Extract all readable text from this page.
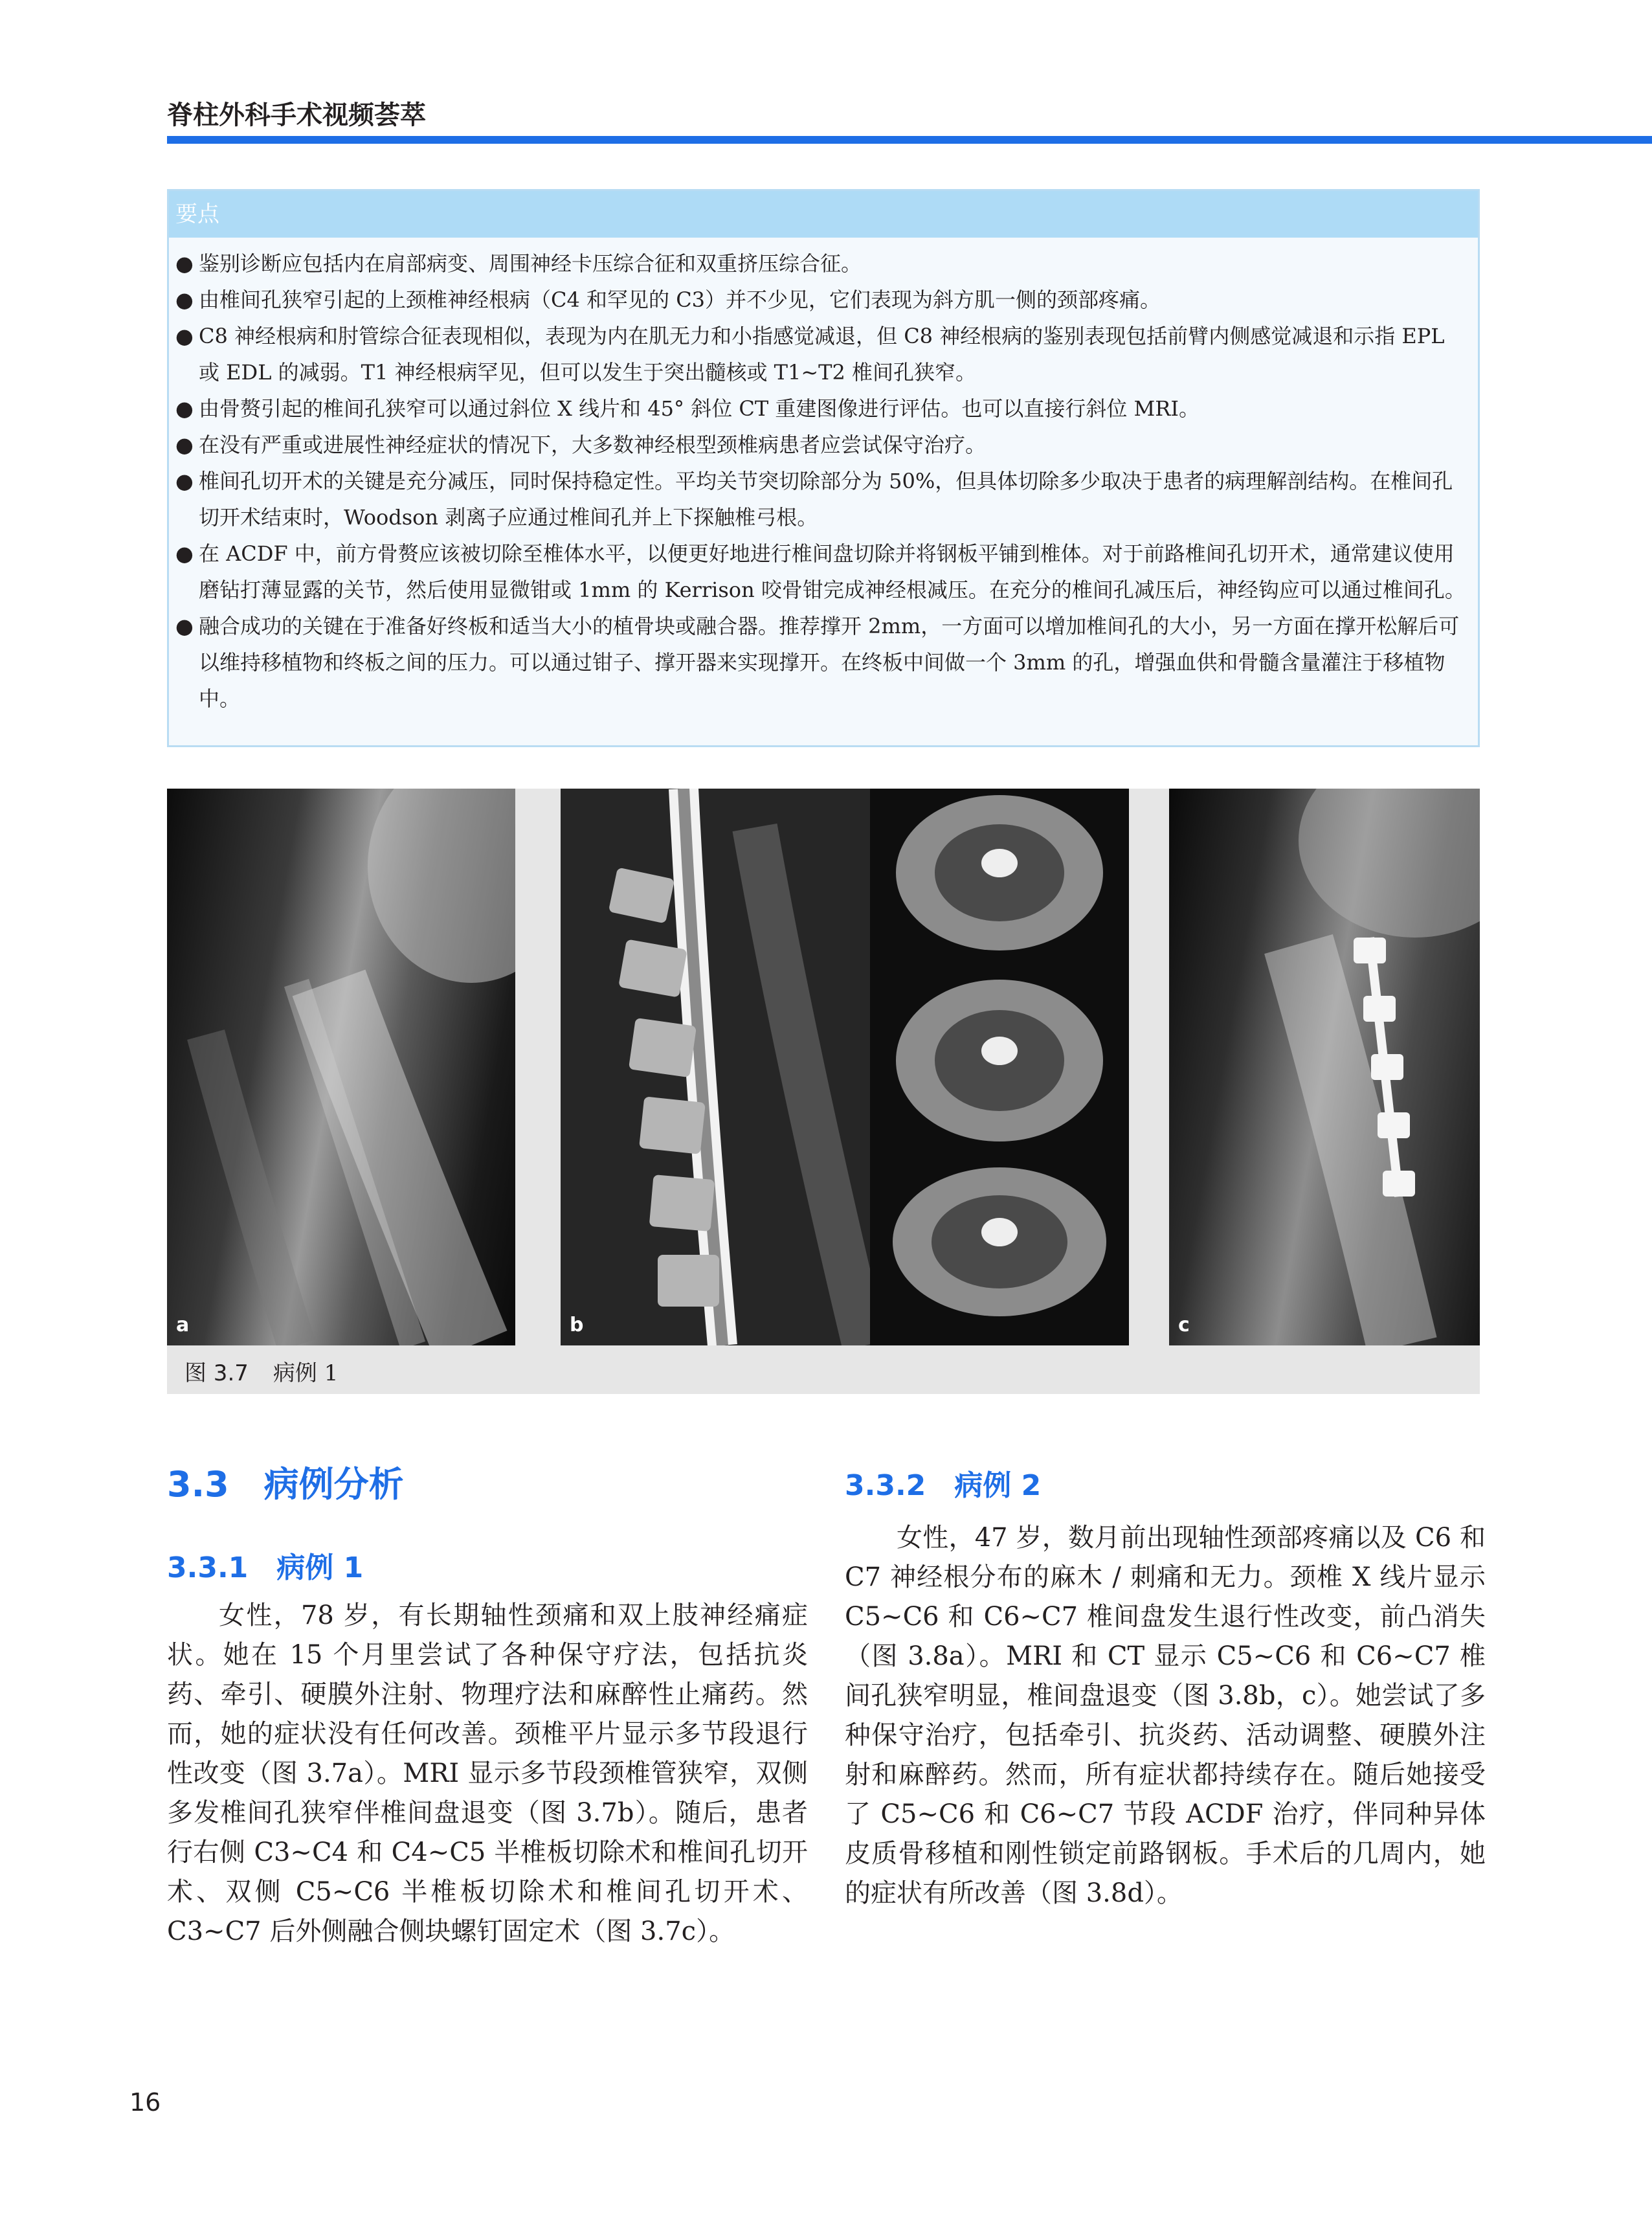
脊柱外科手术视频荟萃
要点
● 鉴别诊断应包括内在肩部病变、周围神经卡压综合征和双重挤压综合征。
● 由椎间孔狭窄引起的上颈椎神经根病（C4 和罕见的 C3）并不少见，它们表现为斜方肌一侧的颈部疼痛。
● C8 神经根病和肘管综合征表现相似，表现为内在肌无力和小指感觉减退，但 C8 神经根病的鉴别表现包括前臂内侧感觉减退和示指 EPL 或 EDL 的减弱。T1 神经根病罕见，但可以发生于突出髓核或 T1~T2 椎间孔狭窄。
● 由骨赘引起的椎间孔狭窄可以通过斜位 X 线片和 45° 斜位 CT 重建图像进行评估。也可以直接行斜位 MRI。
● 在没有严重或进展性神经症状的情况下，大多数神经根型颈椎病患者应尝试保守治疗。
● 椎间孔切开术的关键是充分减压，同时保持稳定性。平均关节突切除部分为 50%，但具体切除多少取决于患者的病理解剖结构。在椎间孔切开术结束时，Woodson 剥离子应通过椎间孔并上下探触椎弓根。
● 在 ACDF 中，前方骨赘应该被切除至椎体水平，以便更好地进行椎间盘切除并将钢板平铺到椎体。对于前路椎间孔切开术，通常建议使用磨钻打薄显露的关节，然后使用显微钳或 1mm 的 Kerrison 咬骨钳完成神经根减压。在充分的椎间孔减压后，神经钩应可以通过椎间孔。
● 融合成功的关键在于准备好终板和适当大小的植骨块或融合器。推荐撑开 2mm，一方面可以增加椎间孔的大小，另一方面在撑开松解后可以维持移植物和终板之间的压力。可以通过钳子、撑开器来实现撑开。在终板中间做一个 3mm 的孔，增强血供和骨髓含量灌注于移植物中。
a	b	c
图 3.7 病例 1
3.3　病例分析
3.3.1　病例 1

女性，78 岁，有长期轴性颈痛和双上肢神经痛症状。她在 15 个月里尝试了各种保守疗法，包括抗炎药、牵引、硬膜外注射、物理疗法和麻醉性止痛药。然而，她的症状没有任何改善。颈椎平片显示多节段退行性改变（图 3.7a）。MRI 显示多节段颈椎管狭窄，双侧多发椎间孔狭窄伴椎间盘退变（图 3.7b）。随后，患者行右侧 C3~C4 和 C4~C5 半椎板切除术和椎间孔切开术、双侧 C5~C6 半椎板切除术和椎间孔切开术、C3~C7 后外侧融合侧块螺钉固定术（图 3.7c）。

3.3.2　病例 2

女性，47 岁，数月前出现轴性颈部疼痛以及 C6 和 C7 神经根分布的麻木 / 刺痛和无力。颈椎 X 线片显示 C5~C6 和 C6~C7 椎间盘发生退行性改变，前凸消失（图 3.8a）。MRI 和 CT 显示 C5~C6 和 C6~C7 椎间孔狭窄明显，椎间盘退变（图 3.8b，c）。她尝试了多种保守治疗，包括牵引、抗炎药、活动调整、硬膜外注射和麻醉药。然而，所有症状都持续存在。随后她接受了 C5~C6 和 C6~C7 节段 ACDF 治疗，伴同种异体皮质骨移植和刚性锁定前路钢板。手术后的几周内，她的症状有所改善（图 3.8d）。

16
